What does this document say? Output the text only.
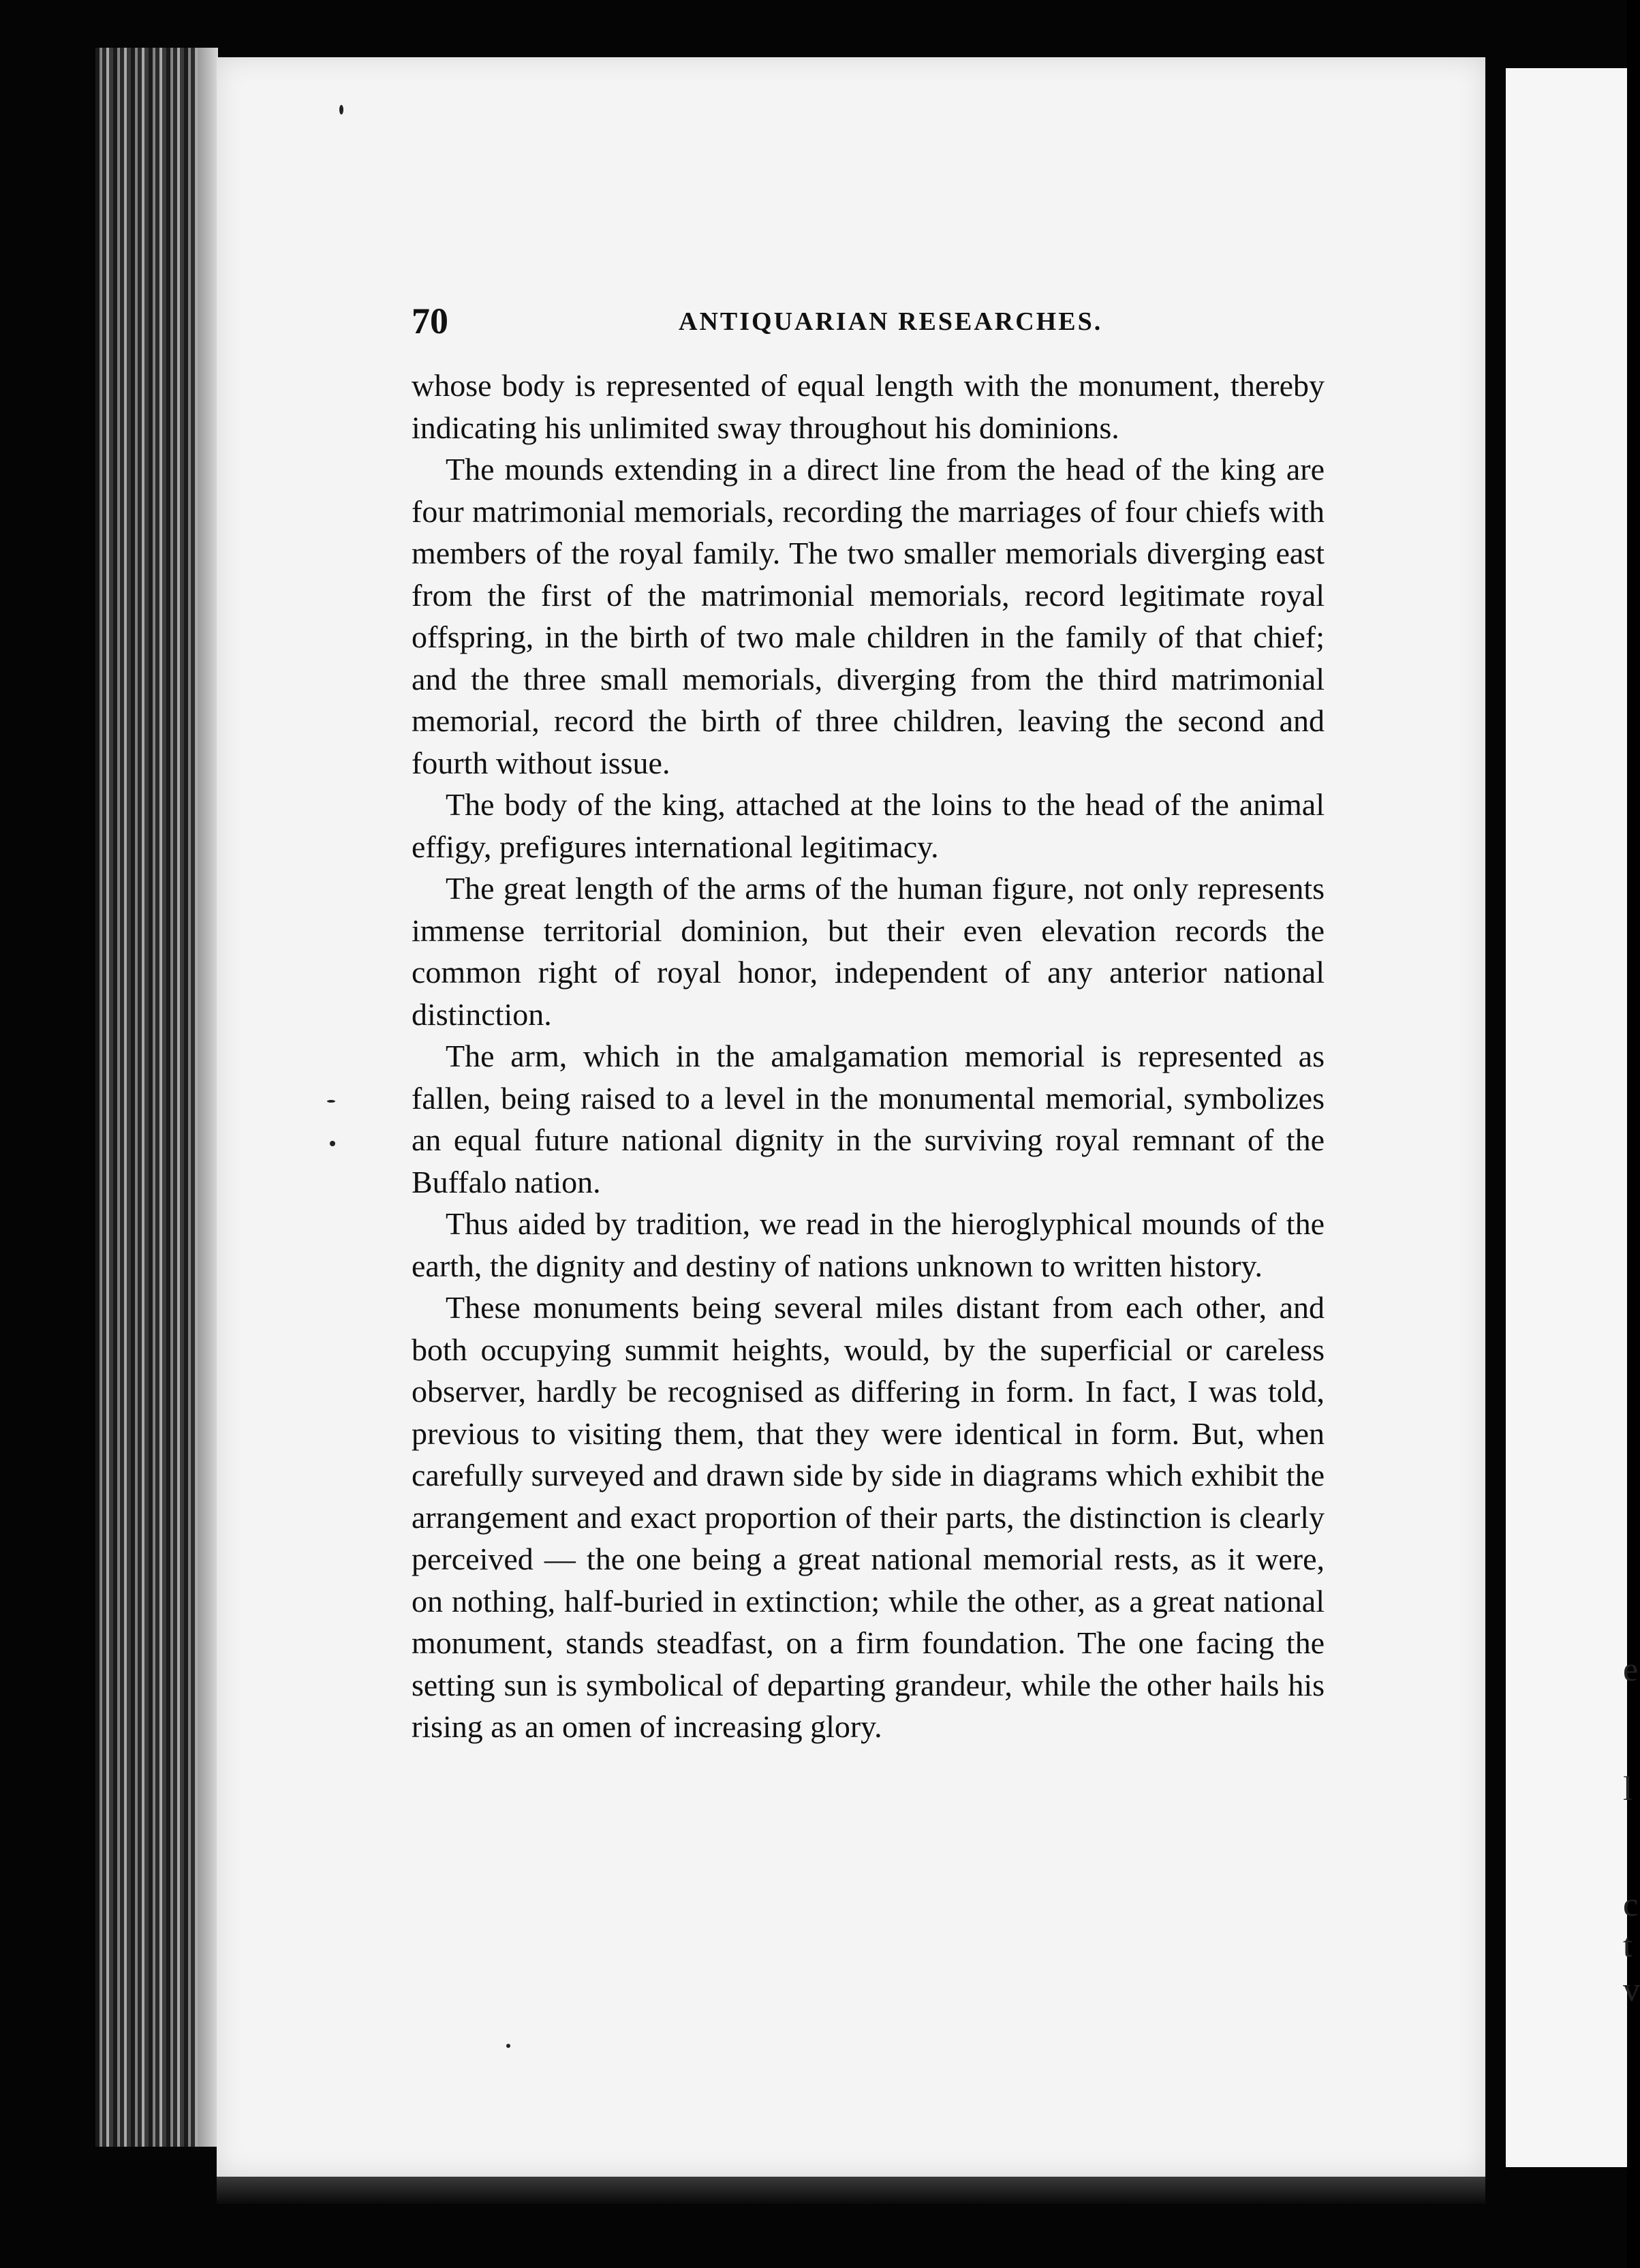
e
l
c
t
v
70	ANTIQUARIAN RESEARCHES.

whose body is represented of equal length with the monument, thereby indicating his unlimited sway throughout his dominions.

The mounds extending in a direct line from the head of the king are four matrimonial memorials, recording the marriages of four chiefs with members of the royal family. The two smaller memorials diverging east from the first of the matrimonial memorials, record legitimate royal offspring, in the birth of two male children in the family of that chief; and the three small memorials, diverging from the third matrimonial memorial, record the birth of three children, leaving the second and fourth without issue.

The body of the king, attached at the loins to the head of the animal effigy, prefigures international legitimacy.

The great length of the arms of the human figure, not only represents immense territorial dominion, but their even elevation records the common right of royal honor, independent of any anterior national distinction.

The arm, which in the amalgamation memorial is represented as fallen, being raised to a level in the monumental memorial, symbolizes an equal future national dignity in the surviving royal remnant of the Buffalo nation.

Thus aided by tradition, we read in the hieroglyphical mounds of the earth, the dignity and destiny of nations unknown to written history.

These monuments being several miles distant from each other, and both occupying summit heights, would, by the superficial or careless observer, hardly be recognised as differing in form. In fact, I was told, previous to visiting them, that they were identical in form. But, when carefully surveyed and drawn side by side in diagrams which exhibit the arrangement and exact proportion of their parts, the distinction is clearly perceived — the one being a great national memorial rests, as it were, on nothing, half-buried in extinction; while the other, as a great national monument, stands steadfast, on a firm foundation. The one facing the setting sun is symbolical of departing grandeur, while the other hails his rising as an omen of increasing glory.
